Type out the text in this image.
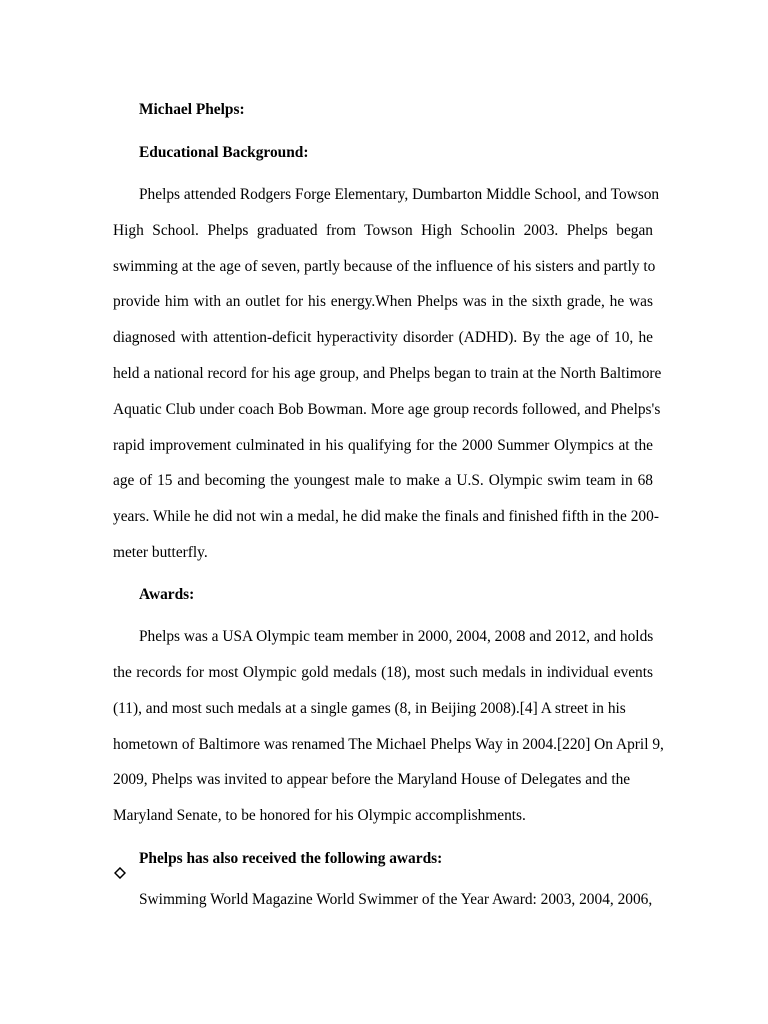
Michael Phelps:
Educational Background:
Phelps attended Rodgers Forge Elementary, Dumbarton Middle School, and Towson
High School. Phelps graduated from Towson High Schoolin 2003. Phelps began
swimming at the age of seven, partly because of the influence of his sisters and partly to
provide him with an outlet for his energy.When Phelps was in the sixth grade, he was
diagnosed with attention-deficit hyperactivity disorder (ADHD). By the age of 10, he
held a national record for his age group, and Phelps began to train at the North Baltimore
Aquatic Club under coach Bob Bowman. More age group records followed, and Phelps's
rapid improvement culminated in his qualifying for the 2000 Summer Olympics at the
age of 15 and becoming the youngest male to make a U.S. Olympic swim team in 68
years. While he did not win a medal, he did make the finals and finished fifth in the 200-
meter butterfly.
Awards:
Phelps was a USA Olympic team member in 2000, 2004, 2008 and 2012, and holds
the records for most Olympic gold medals (18), most such medals in individual events
(11), and most such medals at a single games (8, in Beijing 2008).[4] A street in his
hometown of Baltimore was renamed The Michael Phelps Way in 2004.[220] On April 9,
2009, Phelps was invited to appear before the Maryland House of Delegates and the
Maryland Senate, to be honored for his Olympic accomplishments.
Phelps has also received the following awards:
Swimming World Magazine World Swimmer of the Year Award: 2003, 2004, 2006,
